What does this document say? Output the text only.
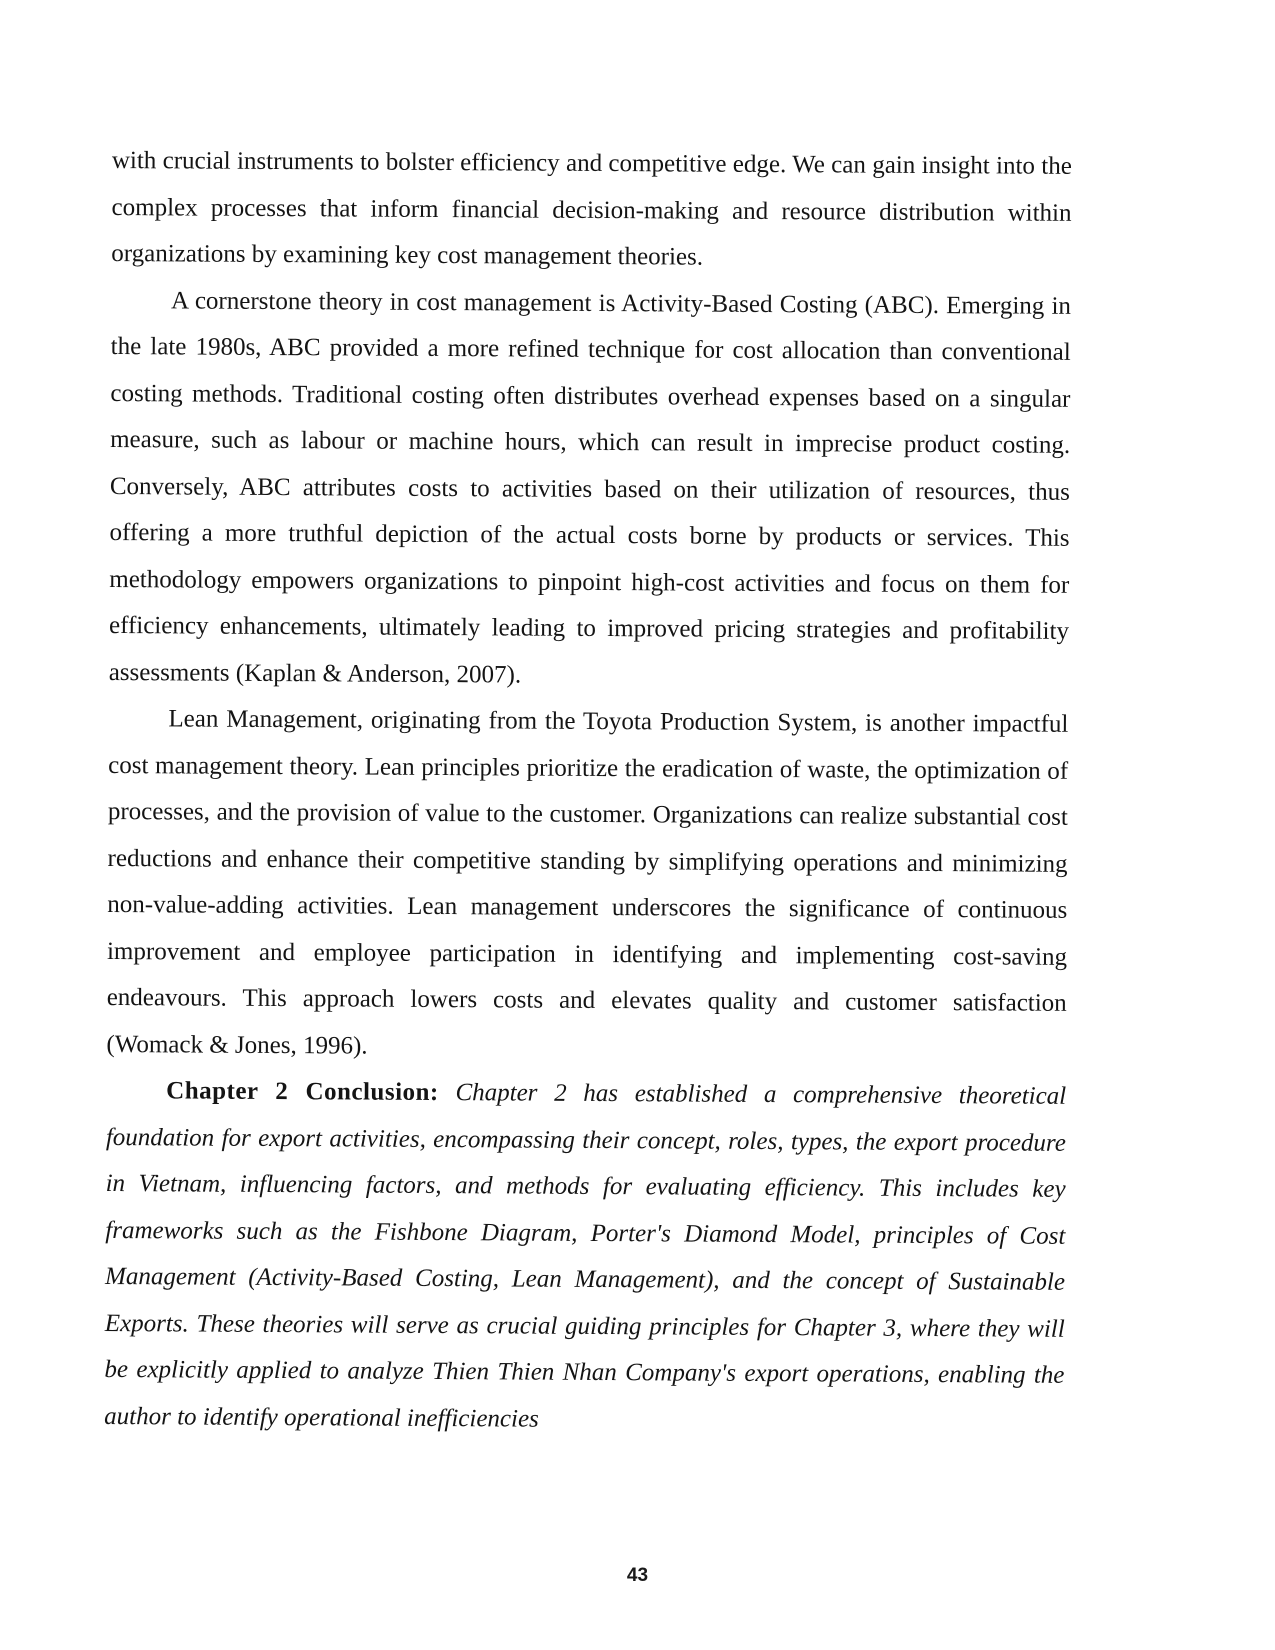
with crucial instruments to bolster efficiency and competitive edge. We can gain insight into the complex processes that inform financial decision-making and resource distribution within organizations by examining key cost management theories.

A cornerstone theory in cost management is Activity-Based Costing (ABC). Emerging in the late 1980s, ABC provided a more refined technique for cost allocation than conventional costing methods. Traditional costing often distributes overhead expenses based on a singular measure, such as labour or machine hours, which can result in imprecise product costing. Conversely, ABC attributes costs to activities based on their utilization of resources, thus offering a more truthful depiction of the actual costs borne by products or services. This methodology empowers organizations to pinpoint high-cost activities and focus on them for efficiency enhancements, ultimately leading to improved pricing strategies and profitability assessments (Kaplan & Anderson, 2007).

Lean Management, originating from the Toyota Production System, is another impactful cost management theory. Lean principles prioritize the eradication of waste, the optimization of processes, and the provision of value to the customer. Organizations can realize substantial cost reductions and enhance their competitive standing by simplifying operations and minimizing non-value-adding activities. Lean management underscores the significance of continuous improvement and employee participation in identifying and implementing cost-saving endeavours. This approach lowers costs and elevates quality and customer satisfaction (Womack & Jones, 1996).

Chapter 2 Conclusion: Chapter 2 has established a comprehensive theoretical foundation for export activities, encompassing their concept, roles, types, the export procedure in Vietnam, influencing factors, and methods for evaluating efficiency. This includes key frameworks such as the Fishbone Diagram, Porter's Diamond Model, principles of Cost Management (Activity-Based Costing, Lean Management), and the concept of Sustainable Exports. These theories will serve as crucial guiding principles for Chapter 3, where they will be explicitly applied to analyze Thien Thien Nhan Company's export operations, enabling the author to identify operational inefficiencies

43
